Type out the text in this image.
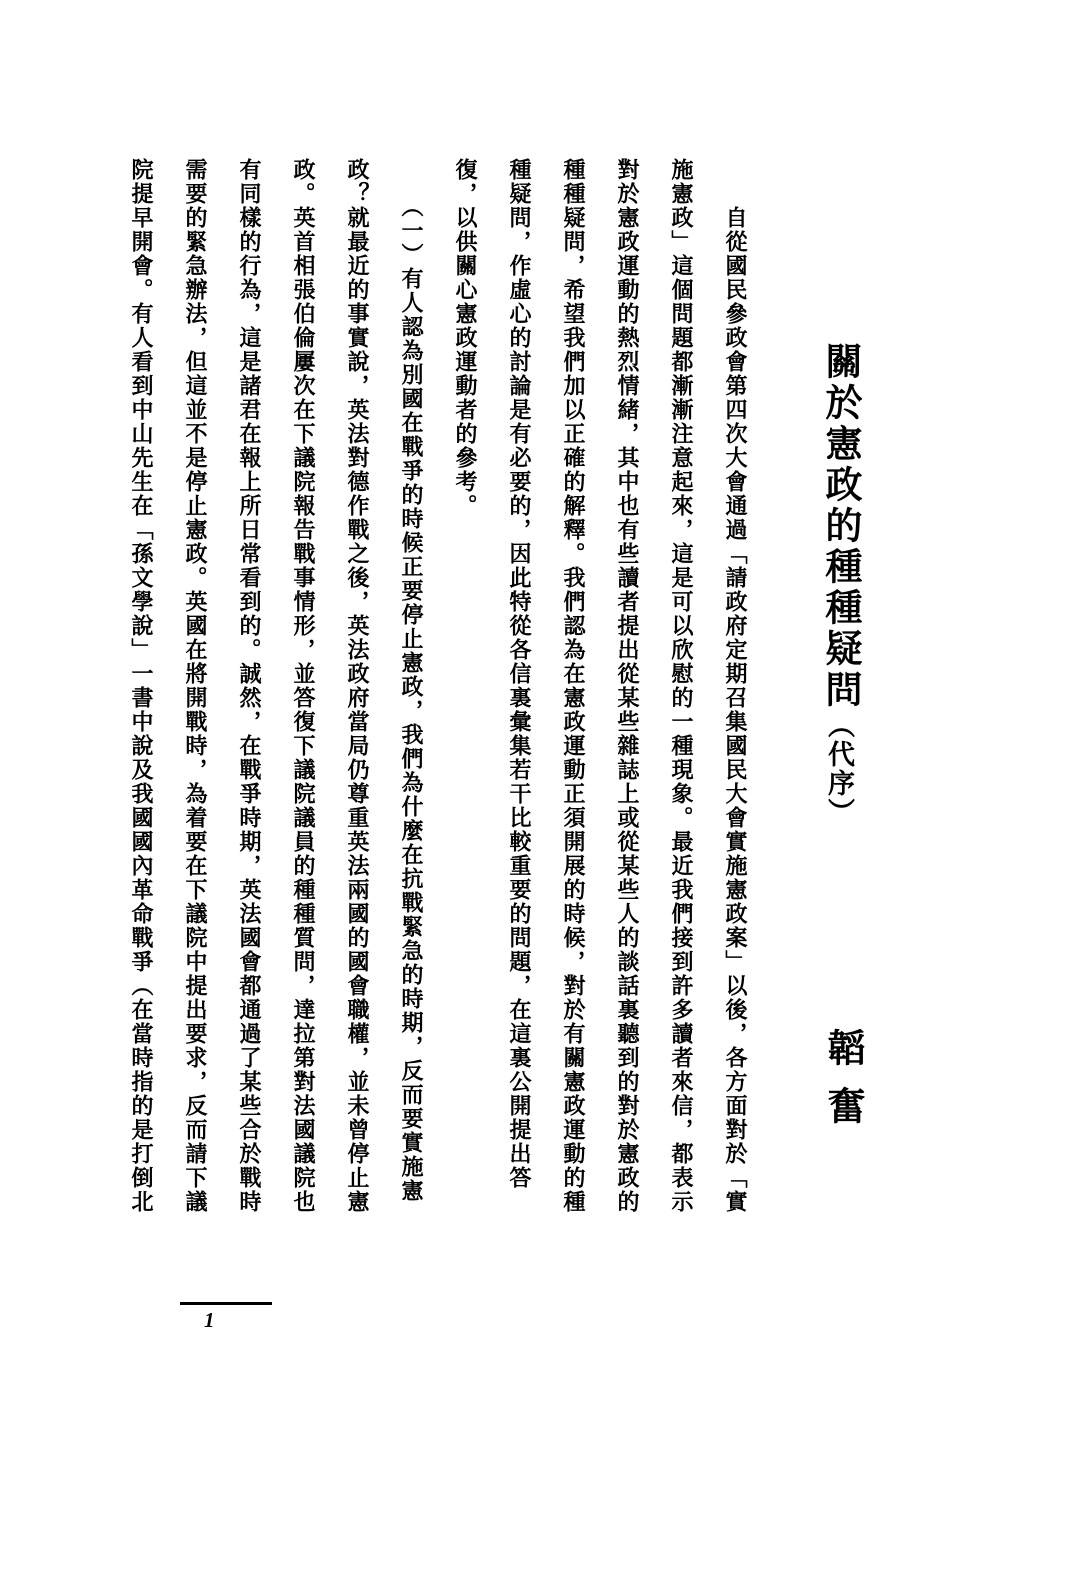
關於憲政的種種疑問（代序）
韜奮
　　自從國民參政會第四次大會通過「請政府定期召集國民大會實施憲政案」以後，各方面對於「實
施憲政」這個問題都漸漸注意起來，這是可以欣慰的一種現象。最近我們接到許多讀者來信，都表示
對於憲政運動的熱烈情緒，其中也有些讀者提出從某些雜誌上或從某些人的談話裏聽到的對於憲政的
種種疑問，希望我們加以正確的解釋。我們認為在憲政運動正須開展的時候，對於有關憲政運動的種
種疑問，作虛心的討論是有必要的，因此特從各信裏彙集若干比較重要的問題，在這裏公開提出答
復，以供關心憲政運動者的參考。
　　（一）有人認為別國在戰爭的時候正要停止憲政，我們為什麼在抗戰緊急的時期，反而要實施憲
政？就最近的事實說，英法對德作戰之後，英法政府當局仍尊重英法兩國的國會職權，並未曾停止憲
政。英首相張伯倫屢次在下議院報告戰事情形，並答復下議院議員的種種質問，達拉第對法國議院也
有同樣的行為，這是諸君在報上所日常看到的。誠然，在戰爭時期，英法國會都通過了某些合於戰時
需要的緊急辦法，但這並不是停止憲政。英國在將開戰時，為着要在下議院中提出要求，反而請下議
院提早開會。有人看到中山先生在「孫文學說」一書中說及我國國內革命戰爭（在當時指的是打倒北
1
